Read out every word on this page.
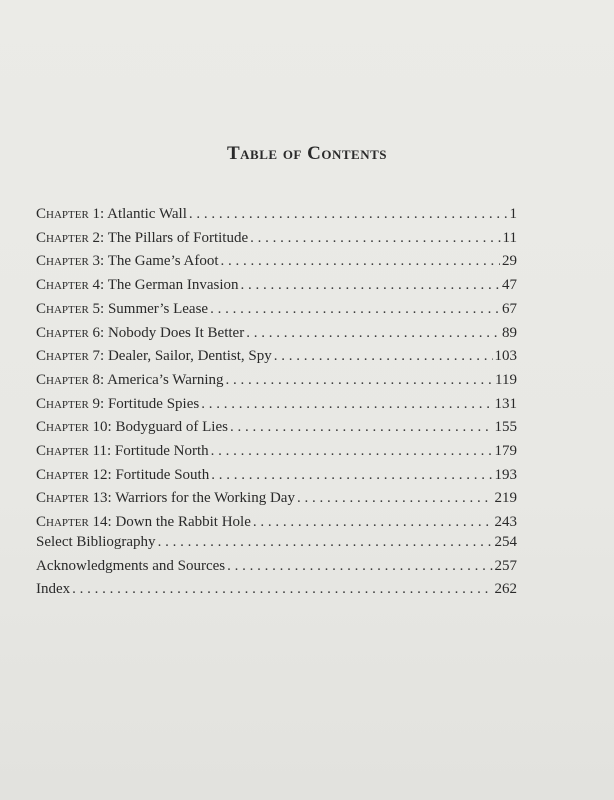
Table of Contents
Chapter 1: Atlantic Wall . . .	1
Chapter 2: The Pillars of Fortitude . . .	11
Chapter 3: The Game’s Afoot . . .	29
Chapter 4: The German Invasion . . .	47
Chapter 5: Summer’s Lease . . .	67
Chapter 6: Nobody Does It Better . . .	89
Chapter 7: Dealer, Sailor, Dentist, Spy . . .	103
Chapter 8: America’s Warning . . .	119
Chapter 9: Fortitude Spies . . .	131
Chapter 10: Bodyguard of Lies . . .	155
Chapter 11: Fortitude North . . .	179
Chapter 12: Fortitude South . . .	193
Chapter 13: Warriors for the Working Day . . .	219
Chapter 14: Down the Rabbit Hole . . .	243
Select Bibliography . . .	254
Acknowledgments and Sources . . .	257
Index . . .	262
